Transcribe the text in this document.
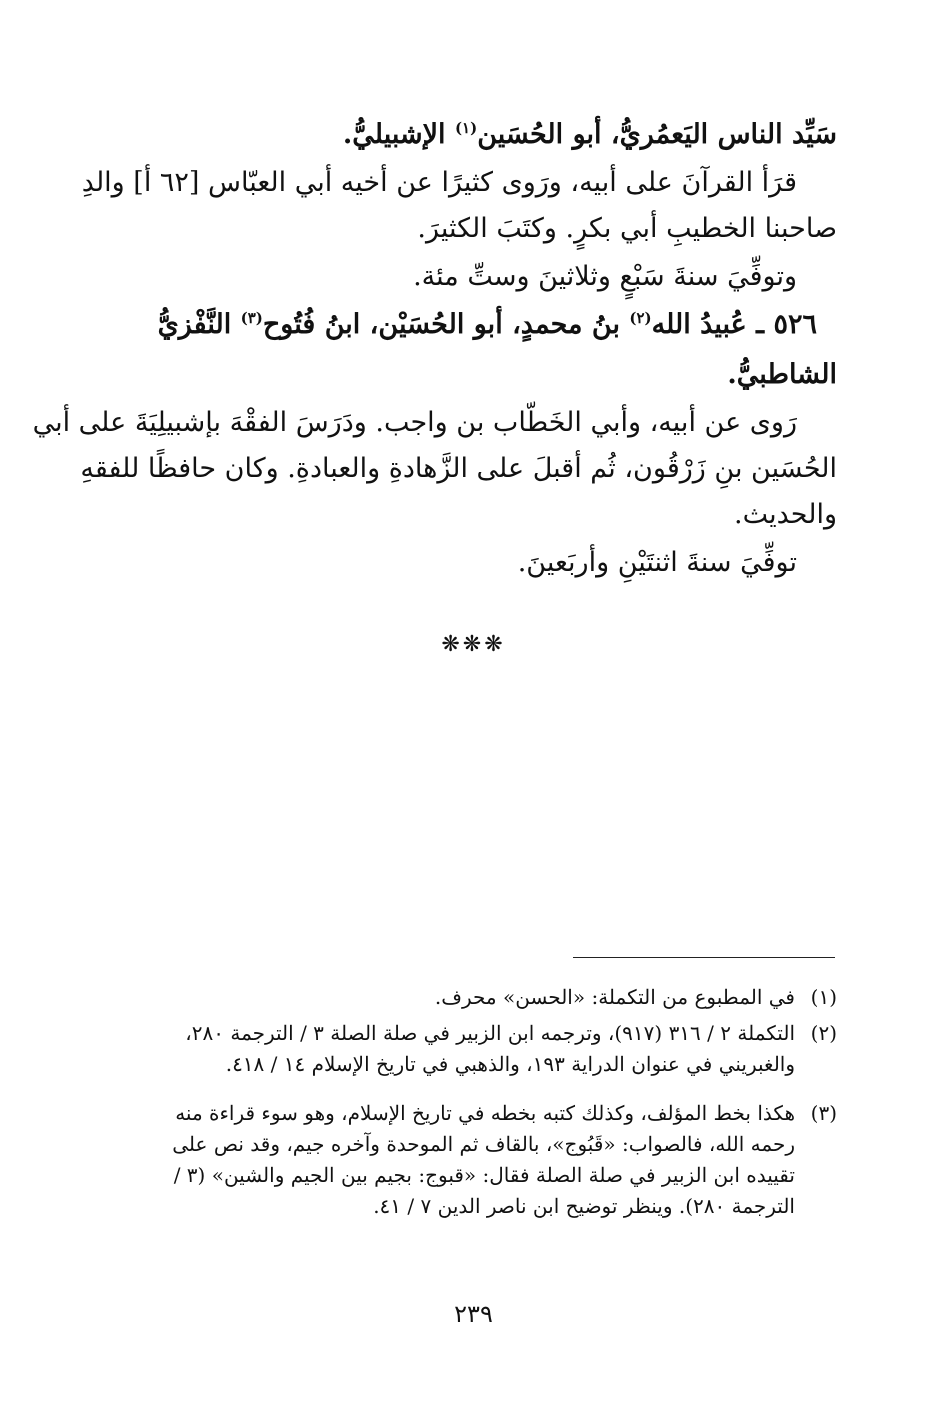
سَيِّد الناس اليَعمُريُّ، أبو الحُسَين$^{(١)}$ الإشبيليُّ.
قرَأ القرآنَ على أبيه، ورَوى كثيرًا عن أخيه أبي العبّاس [٦٢ أ] والدِ
صاحبنا الخطيبِ أبي بكرٍ. وكتَبَ الكثيرَ.
وتوفِّيَ سنةَ سَبْعٍ وثلاثينَ وستِّ مئة.
٥٢٦ ـ عُبيدُ الله$^{(٢)}$ بنُ محمدٍ، أبو الحُسَيْن، ابنُ فُتُوح$^{(٣)}$ النَّفْزيُّ
الشاطبيُّ.
رَوى عن أبيه، وأبي الخَطّاب بن واجب. ودَرَسَ الفقْهَ بإشبيلِيَةَ على أبي
الحُسَين بنِ زَرْقُون، ثُم أقبلَ على الزَّهادةِ والعبادةِ. وكان حافظًا للفقهِ
والحديث.
توفِّيَ سنةَ اثنتَيْنِ وأربَعينَ.
❋❋❋
(١)في المطبوع من التكملة: «الحسن» محرف.
(٢)التكملة ٢ / ٣١٦ (٩١٧)، وترجمه ابن الزبير في صلة الصلة ٣ / الترجمة ٢٨٠،
والغبريني في عنوان الدراية ١٩٣، والذهبي في تاريخ الإسلام ١٤ / ٤١٨.
(٣)هكذا بخط المؤلف، وكذلك كتبه بخطه في تاريخ الإسلام، وهو سوء قراءة منه
رحمه الله، فالصواب: «قَبُوج»، بالقاف ثم الموحدة وآخره جيم، وقد نص على
تقييده ابن الزبير في صلة الصلة فقال: «قبوج: بجيم بين الجيم والشين» (٣ /
الترجمة ٢٨٠). وينظر توضيح ابن ناصر الدين ٧ / ٤١.
٢٣٩
